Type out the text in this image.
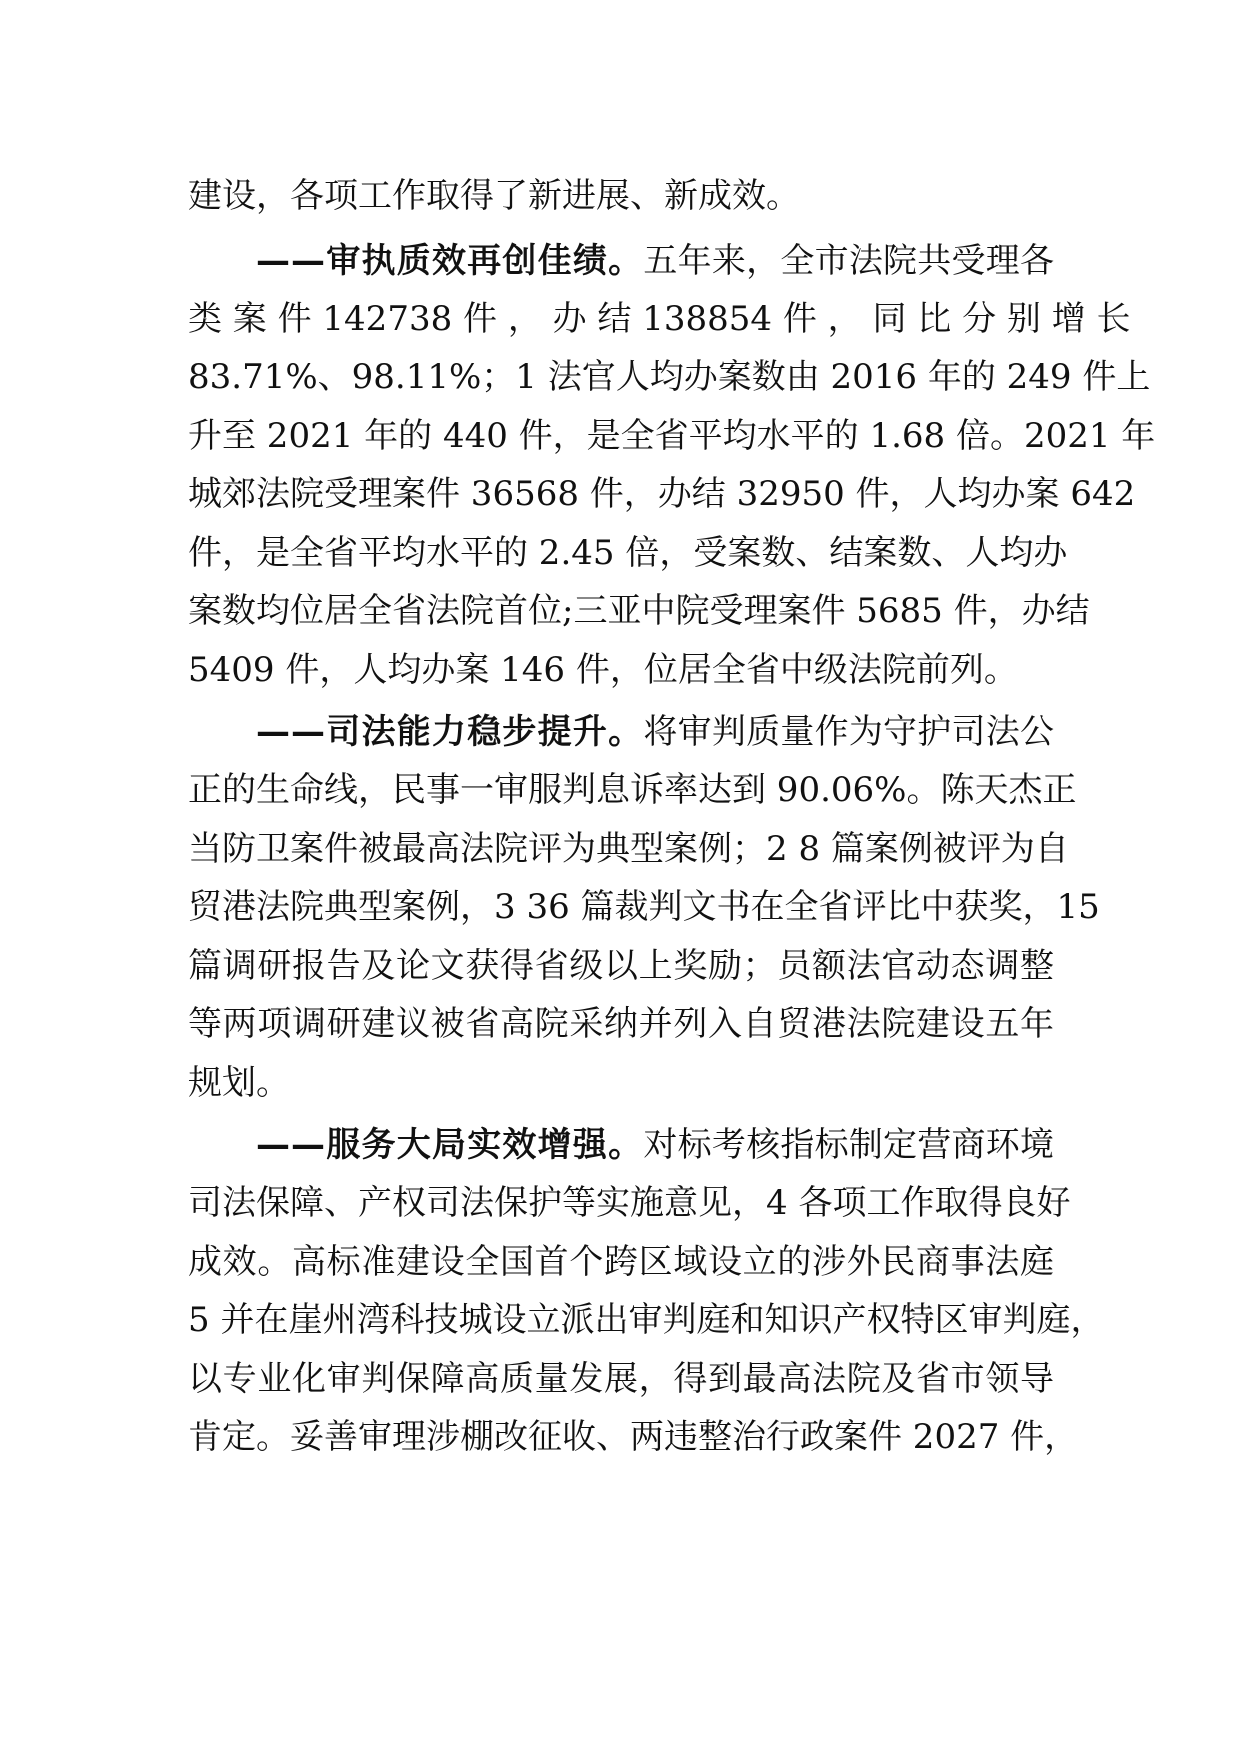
建设，各项工作取得了新进展、新成效。
——审执质效再创佳绩。五年来，全市法院共受理各
类 案 件 142738 件 ， 办 结 138854 件 ， 同 比 分 别 增 长
83.71%、98.11%；1 法官人均办案数由 2016 年的 249 件上
升至 2021 年的 440 件，是全省平均水平的 1.68 倍。2021 年
城郊法院受理案件 36568 件，办结 32950 件，人均办案 642
件，是全省平均水平的 2.45 倍，受案数、结案数、人均办
案数均位居全省法院首位;三亚中院受理案件 5685 件，办结
5409 件，人均办案 146 件，位居全省中级法院前列。
——司法能力稳步提升。将审判质量作为守护司法公
正的生命线，民事一审服判息诉率达到 90.06%。陈天杰正
当防卫案件被最高法院评为典型案例；2 8 篇案例被评为自
贸港法院典型案例，3 36 篇裁判文书在全省评比中获奖，15
篇调研报告及论文获得省级以上奖励；员额法官动态调整
等两项调研建议被省高院采纳并列入自贸港法院建设五年
规划。
——服务大局实效增强。对标考核指标制定营商环境
司法保障、产权司法保护等实施意见，4 各项工作取得良好
成效。高标准建设全国首个跨区域设立的涉外民商事法庭
5 并在崖州湾科技城设立派出审判庭和知识产权特区审判庭，
以专业化审判保障高质量发展，得到最高法院及省市领导
肯定。妥善审理涉棚改征收、两违整治行政案件 2027 件，
